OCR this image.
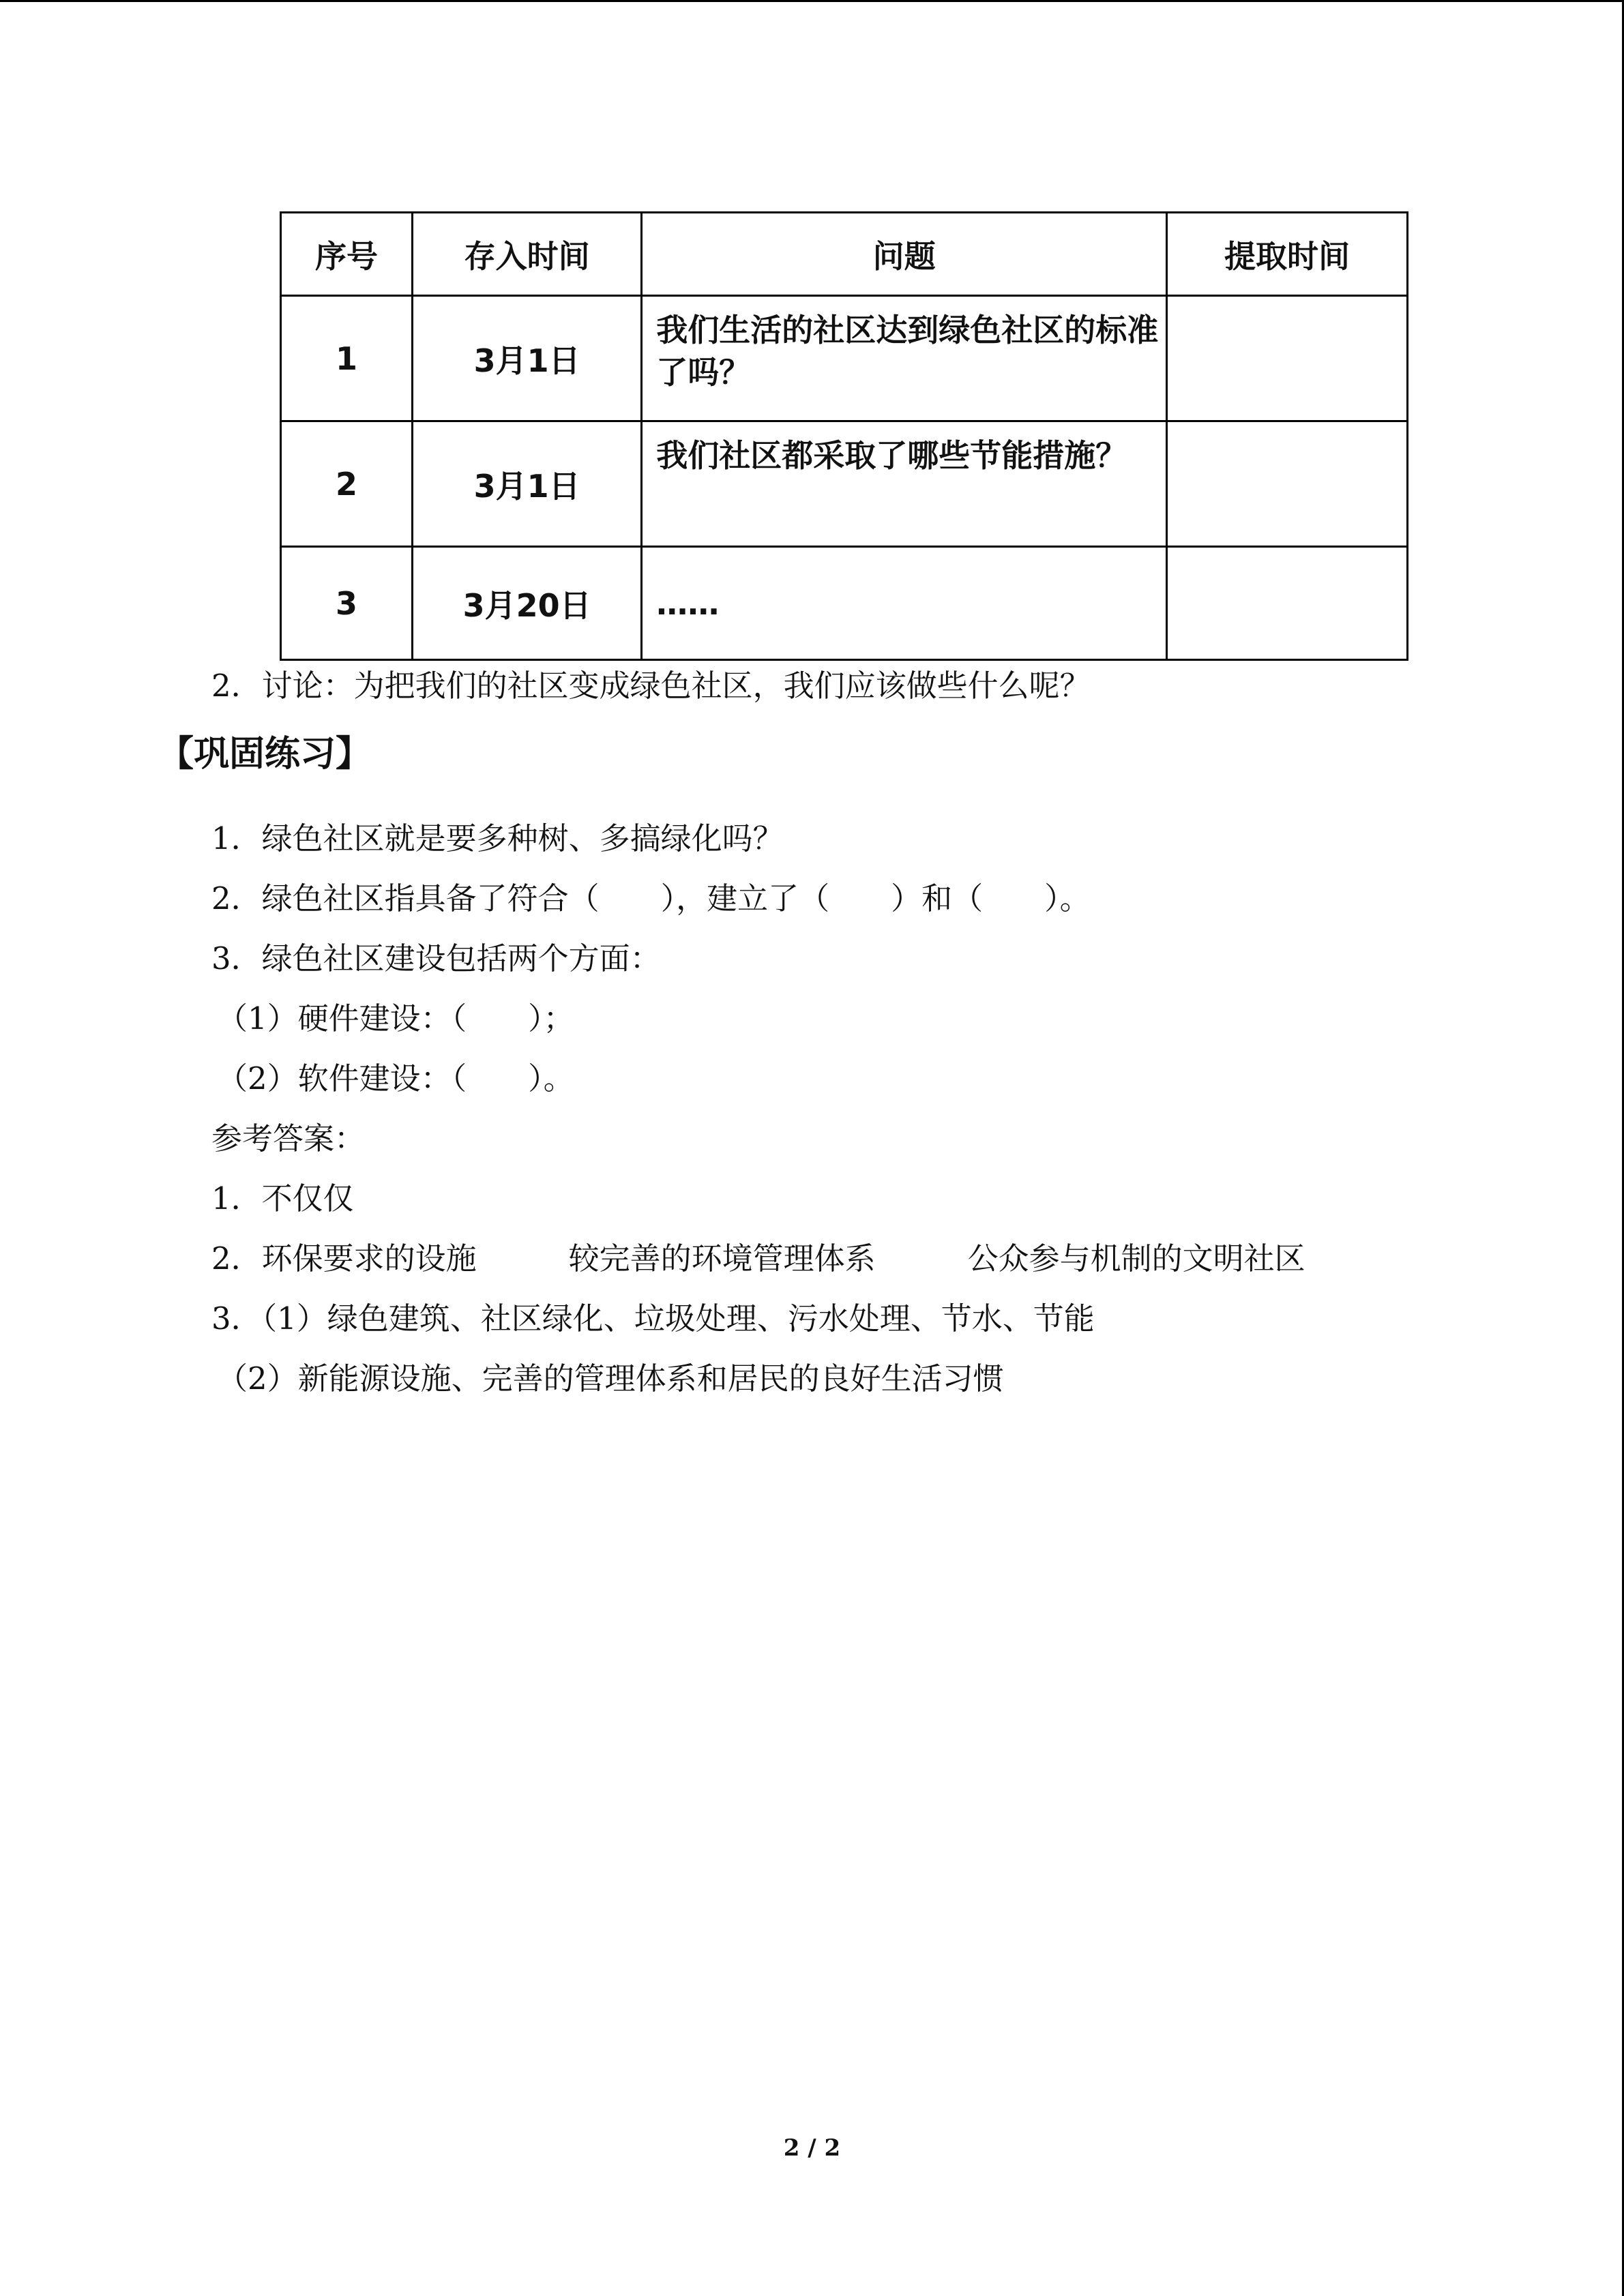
序号	存入时间	问题	提取时间
1	3月1日	我们生活的社区达到绿色社区的标准了吗？	
2	3月1日	我们社区都采取了哪些节能措施？	
3	3月20日	……	
2．讨论：为把我们的社区变成绿色社区，我们应该做些什么呢？
【巩固练习】
1．绿色社区就是要多种树、多搞绿化吗？
2．绿色社区指具备了符合（　　），建立了（　　）和（　　）。
3．绿色社区建设包括两个方面：
（1）硬件建设：（　　）；
（2）软件建设：（　　）。
参考答案：
1．不仅仅
2．环保要求的设施　　　较完善的环境管理体系　　　公众参与机制的文明社区
3．（1）绿色建筑、社区绿化、垃圾处理、污水处理、节水、节能
（2）新能源设施、完善的管理体系和居民的良好生活习惯
2 / 2
